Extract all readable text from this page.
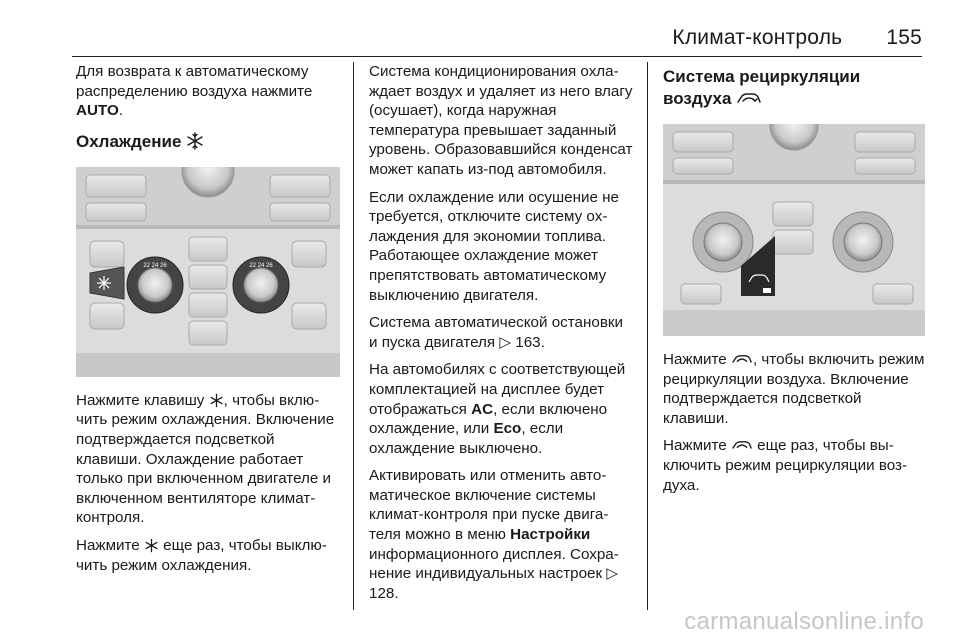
Климат-контроль 155

Для возврата к автоматическому распределению воздуха нажмите AUTO.

Охлаждение
22 24 26	22 24 26

Нажмите клавишу , чтобы включить режим охлаждения. Включение подтверждается подсветкой клавиши. Охлаждение работает только при включенном двигателе и включенном вентиляторе климат-контроля.

Нажмите  еще раз, чтобы выключить режим охлаждения.

Система кондиционирования охлаждает воздух и удаляет из него влагу (осушает), когда наружная температура превышает заданный уровень. Образовавшийся конденсат может капать из-под автомобиля.

Если охлаждение или осушение не требуется, отключите систему охлаждения для экономии топлива. Работающее охлаждение может препятствовать автоматическому выключению двигателя.

Система автоматической остановки и пуска двигателя ▷ 163.

На автомобилях с соответствующей комплектацией на дисплее будет отображаться AC, если включено охлаждение, или Eco, если охлаждение выключено.

Активировать или отменить автоматическое включение системы климат-контроля при пуске двигателя можно в меню Настройки информационного дисплея. Сохранение индивидуальных настроек ▷ 128.

Система рециркуляции воздуха

Нажмите , чтобы включить режим рециркуляции воздуха. Включение подтверждается подсветкой клавиши.

Нажмите  еще раз, чтобы выключить режим рециркуляции воздуха.

carmanualsonline.info
